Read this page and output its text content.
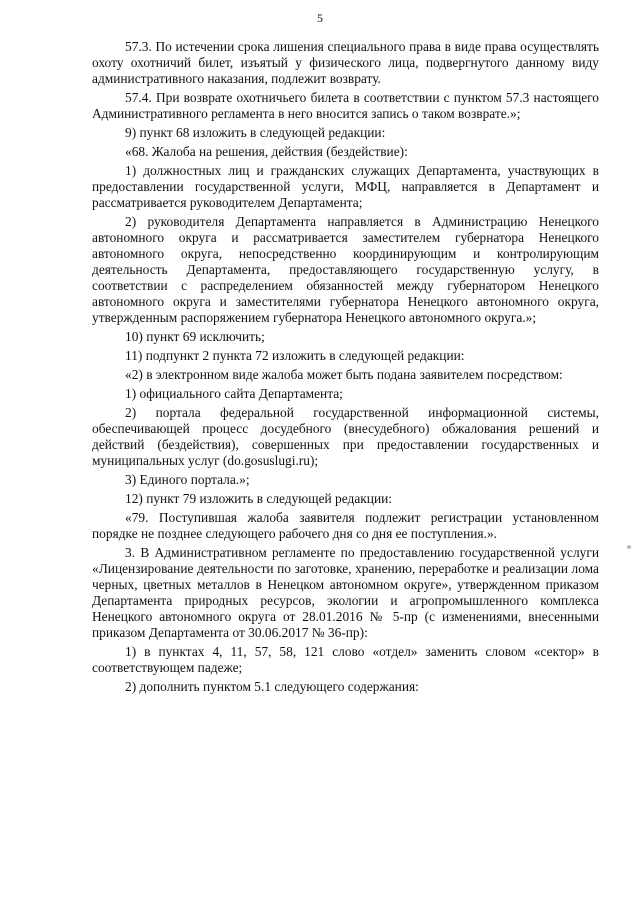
5

57.3. По истечении срока лишения специального права в виде права осуществлять охоту охотничий билет, изъятый у физического лица, подвергнутого данному виду административного наказания, подлежит возврату.

57.4. При возврате охотничьего билета в соответствии с пунктом 57.3 настоящего Административного регламента в него вносится запись о таком возврате.»;

9) пункт 68 изложить в следующей редакции:

«68. Жалоба на решения, действия (бездействие):

1) должностных лиц и гражданских служащих Департамента, участвующих в предоставлении государственной услуги, МФЦ, направляется в Департамент и рассматривается руководителем Департамента;

2) руководителя Департамента направляется в Администрацию Ненецкого автономного округа и рассматривается заместителем губернатора Ненецкого автономного округа, непосредственно координирующим и контролирующим деятельность Департамента, предоставляющего государственную услугу, в соответствии с распределением обязанностей между губернатором Ненецкого автономного округа и заместителями губернатора Ненецкого автономного округа, утвержденным распоряжением губернатора Ненецкого автономного округа.»;

10) пункт 69 исключить;

11) подпункт 2 пункта 72 изложить в следующей редакции:

«2) в электронном виде жалоба может быть подана заявителем посредством:

1) официального сайта Департамента;

2) портала федеральной государственной информационной системы, обеспечивающей процесс досудебного (внесудебного) обжалования решений и действий (бездействия), совершенных при предоставлении государственных и муниципальных услуг (do.gosuslugi.ru);

3) Единого портала.»;

12) пункт 79 изложить в следующей редакции:

«79. Поступившая жалоба заявителя подлежит регистрации установленном порядке не позднее следующего рабочего дня со дня ее поступления.».

3. В Административном регламенте по предоставлению государственной услуги «Лицензирование деятельности по заготовке, хранению, переработке и реализации лома черных, цветных металлов в Ненецком автономном округе», утвержденном приказом Департамента природных ресурсов, экологии и агропромышленного комплекса Ненецкого автономного округа от 28.01.2016 № 5-пр (с изменениями, внесенными приказом Департамента от 30.06.2017 № 36-пр):

1) в пунктах 4, 11, 57, 58, 121 слово «отдел» заменить словом «сектор» в соответствующем падеже;

2) дополнить пунктом 5.1 следующего содержания:
